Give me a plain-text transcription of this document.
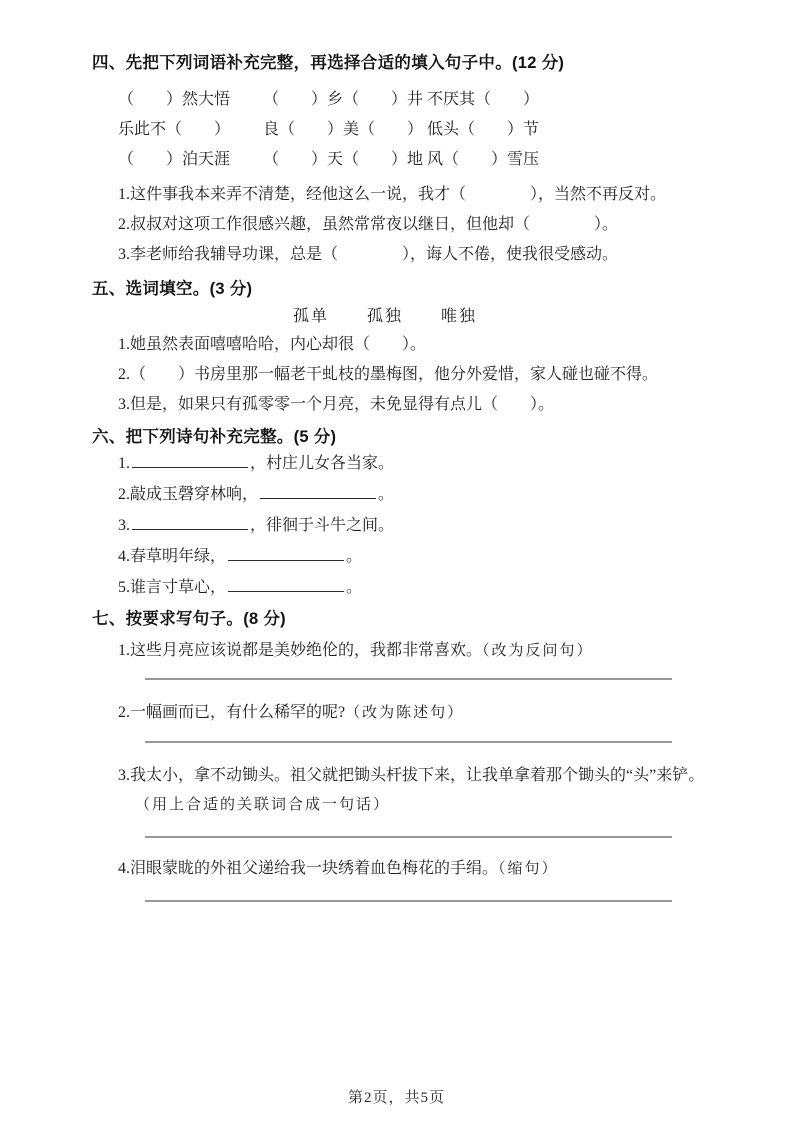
四、先把下列词语补充完整，再选择合适的填入句子中。(12 分)
（　　）然大悟	（　　）乡（　　）井 不厌其（　　）
乐此不（　　）	良（　　）美（　　） 低头（　　）节
（　　）泊天涯	（　　）天（　　）地 风（　　）雪压

1.这件事我本来弄不清楚，经他这么一说，我才（　　　　），当然不再反对。

2.叔叔对这项工作很感兴趣，虽然常常夜以继日，但他却（　　　　）。

3.李老师给我辅导功课，总是（　　　　），诲人不倦，使我很受感动。

五、选词填空。(3 分)
孤单 孤独 唯独

1.她虽然表面嘻嘻哈哈，内心却很（　　）。

2.（　　）书房里那一幅老干虬枝的墨梅图，他分外爱惜，家人碰也碰不得。

3.但是，如果只有孤零零一个月亮，未免显得有点儿（　　）。

六、把下列诗句补充完整。(5 分)

1.	，村庄儿女各当家。

2.敲成玉磬穿林响，	。

3.	，徘徊于斗牛之间。

4.春草明年绿，	。

5.谁言寸草心，	。

七、按要求写句子。(8 分)

1.这些月亮应该说都是美妙绝伦的，我都非常喜欢。（改为反问句）

2.一幅画而已，有什么稀罕的呢?（改为陈述句）

3.我太小，拿不动锄头。祖父就把锄头杆拔下来，让我单拿着那个锄头的“头”来铲。（用上合适的关联词合成一句话）

4.泪眼蒙眬的外祖父递给我一块绣着血色梅花的手绢。（缩句）

第2页，共5页
